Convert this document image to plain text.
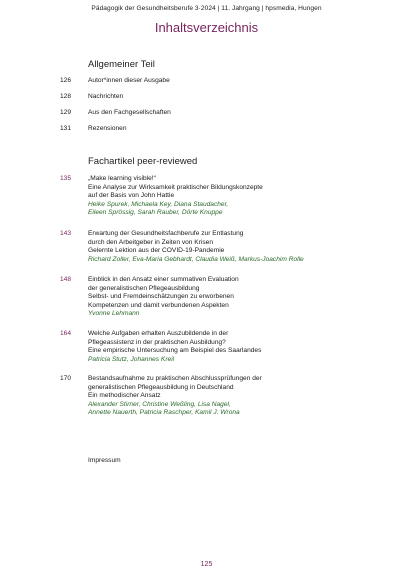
Pädagogik der Gesundheitsberufe 3·2024 | 11. Jahrgang | hpsmedia, Hungen
Inhaltsverzeichnis
Allgemeiner Teil
126	Autor*innen dieser Ausgabe
128	Nachrichten
129	Aus den Fachgesellschaften
131	Rezensionen
Fachartikel peer-reviewed
135	„Make learning visible!“
Eine Analyse zur Wirksamkeit praktischer Bildungskonzepte
auf der Basis von John Hattie
Heike Spurek, Michaela Key, Diana Staudacher,
Eileen Sprössig, Sarah Rauber, Dörte Knuppe
143	Erwartung der Gesundheitsfachberufe zur Entlastung
durch den Arbeitgeber in Zeiten von Krisen
Gelernte Lektion aus der COVID-19-Pandemie
Richard Zoller, Eva-Maria Gebhardt, Claudia Weiß, Markus-Joachim Rolle
148	Einblick in den Ansatz einer summativen Evaluation
der generalistischen Pflegeausbildung
Selbst- und Fremdeinschätzungen zu erworbenen
Kompetenzen und damit verbundenen Aspekten
Yvonne Lehmann
164	Welche Aufgaben erhalten Auszubildende in der
Pflegeassistenz in der praktischen Ausbildung?
Eine empirische Untersuchung am Beispiel des Saarlandes
Patricia Stutz, Johannes Kreil
170	Bestandsaufnahme zu praktischen Abschlussprüfungen der
generalistischen Pflegeausbildung in Deutschland
Ein methodischer Ansatz
Alexander Stirner, Christine Weßling, Lisa Nagel,
Annette Nauerth, Patricia Raschper, Kamil J. Wrona
Impressum
125
